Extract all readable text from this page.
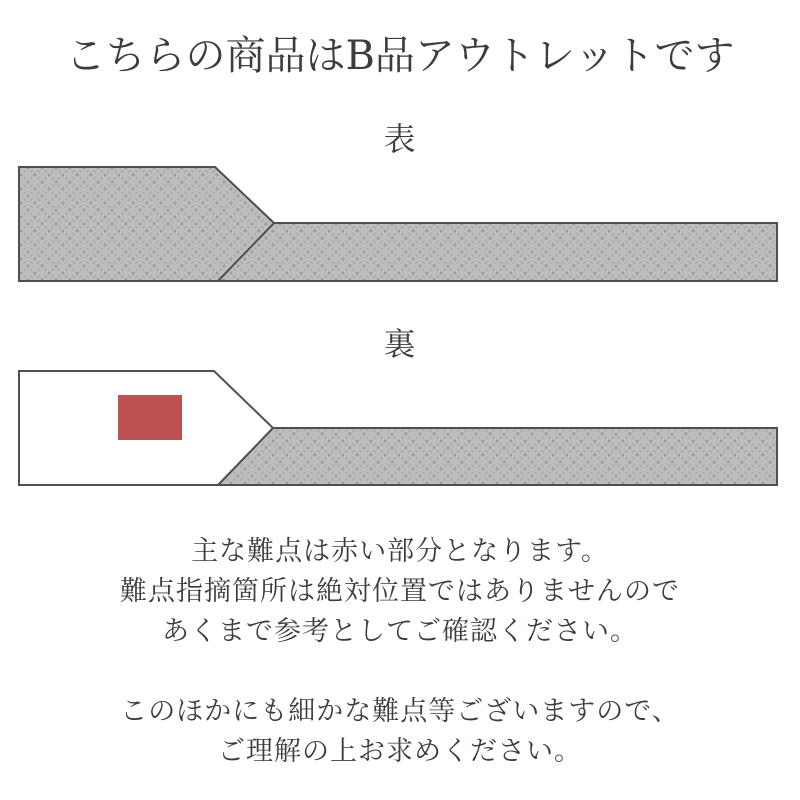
こちらの商品はB品アウトレットです
表
裏
主な難点は赤い部分となります。
難点指摘箇所は絶対位置ではありませんので
あくまで参考としてご確認ください。
このほかにも細かな難点等ございますので、
ご理解の上お求めください。
